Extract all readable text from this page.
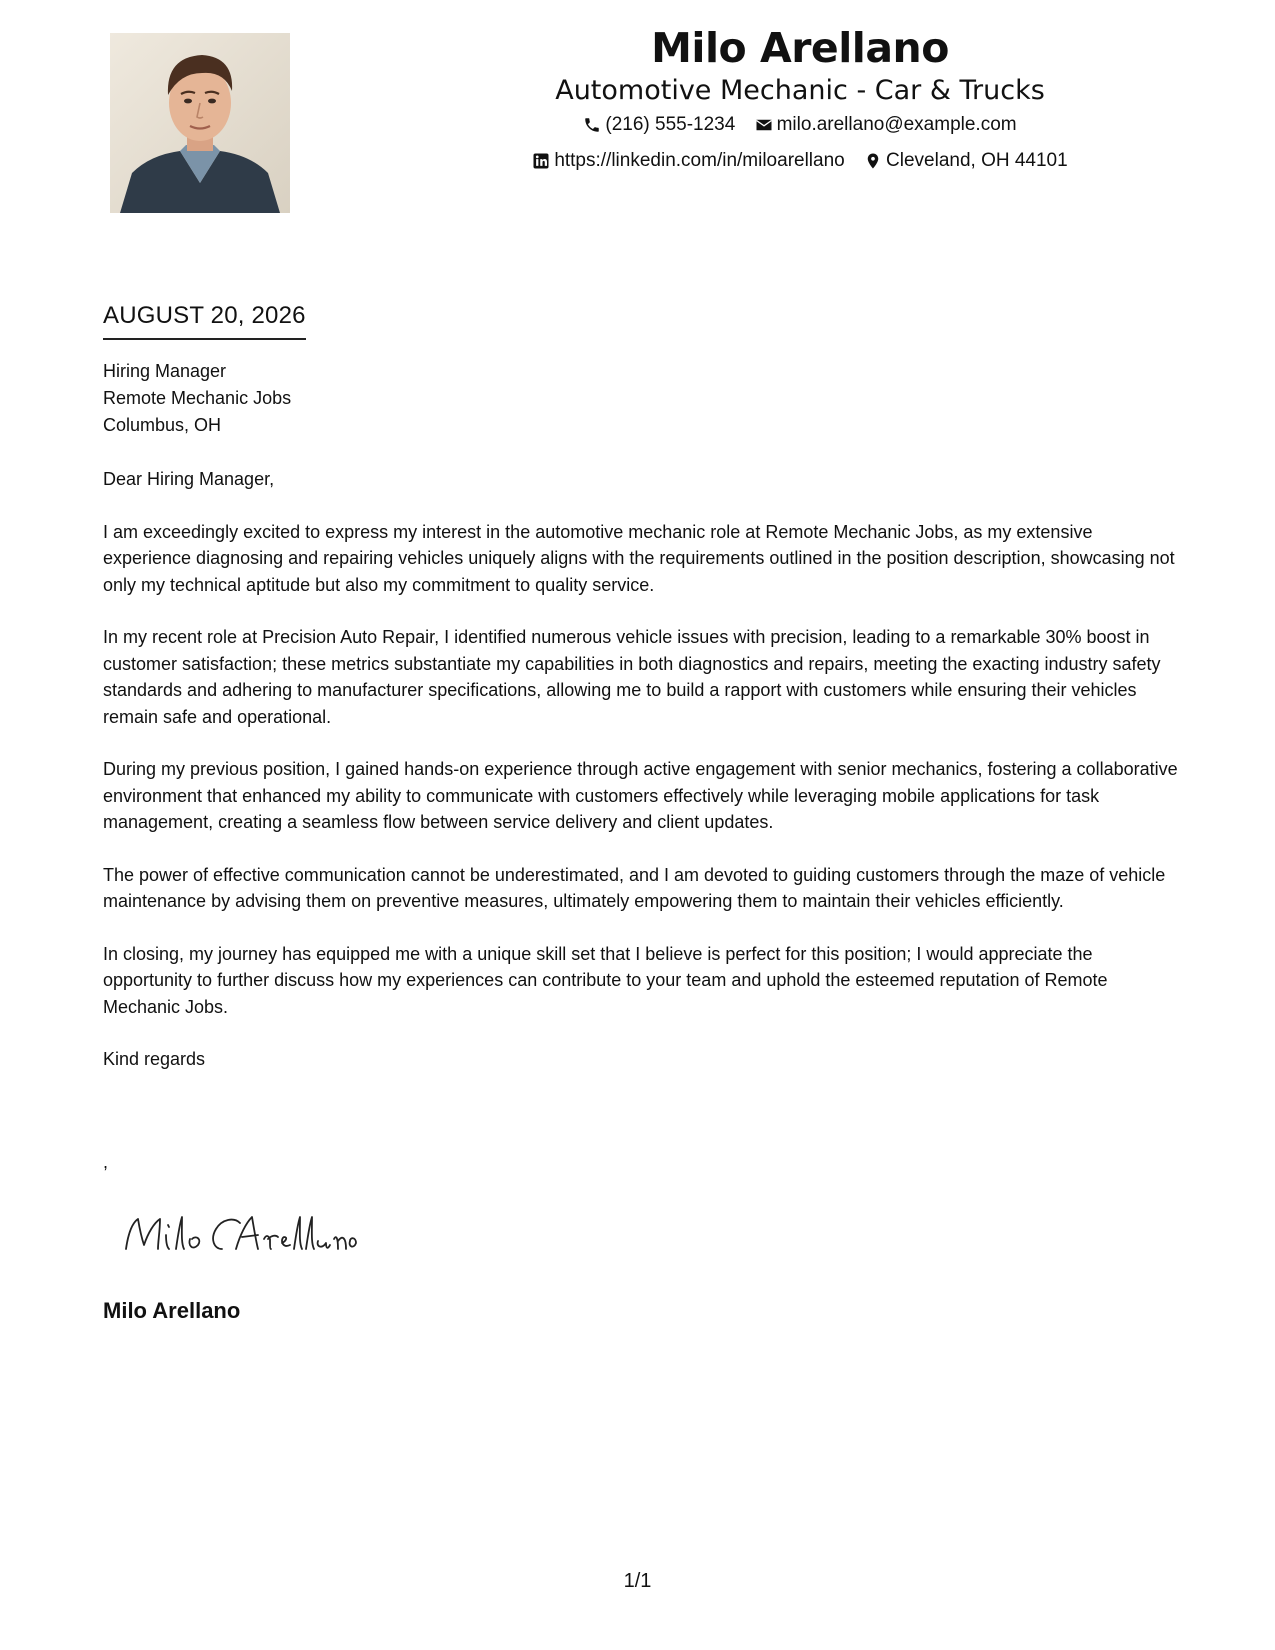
Milo Arellano
Automotive Mechanic - Car & Trucks
(216) 555-1234
milo.arellano@example.com
https://linkedin.com/in/miloarellano
Cleveland, OH 44101
AUGUST 20, 2026
Hiring Manager
Remote Mechanic Jobs
Columbus, OH

Dear Hiring Manager,

I am exceedingly excited to express my interest in the automotive mechanic role at Remote Mechanic Jobs, as my extensive experience diagnosing and repairing vehicles uniquely aligns with the requirements outlined in the position description, showcasing not only my technical aptitude but also my commitment to quality service.

In my recent role at Precision Auto Repair, I identified numerous vehicle issues with precision, leading to a remarkable 30% boost in customer satisfaction; these metrics substantiate my capabilities in both diagnostics and repairs, meeting the exacting industry safety standards and adhering to manufacturer specifications, allowing me to build a rapport with customers while ensuring their vehicles remain safe and operational.

During my previous position, I gained hands-on experience through active engagement with senior mechanics, fostering a collaborative environment that enhanced my ability to communicate with customers effectively while leveraging mobile applications for task management, creating a seamless flow between service delivery and client updates.

The power of effective communication cannot be underestimated, and I am devoted to guiding customers through the maze of vehicle maintenance by advising them on preventive measures, ultimately empowering them to maintain their vehicles efficiently.

In closing, my journey has equipped me with a unique skill set that I believe is perfect for this position; I would appreciate the opportunity to further discuss how my experiences can contribute to your team and uphold the esteemed reputation of Remote Mechanic Jobs.

Kind regards

,
Milo Arellano
1/1
